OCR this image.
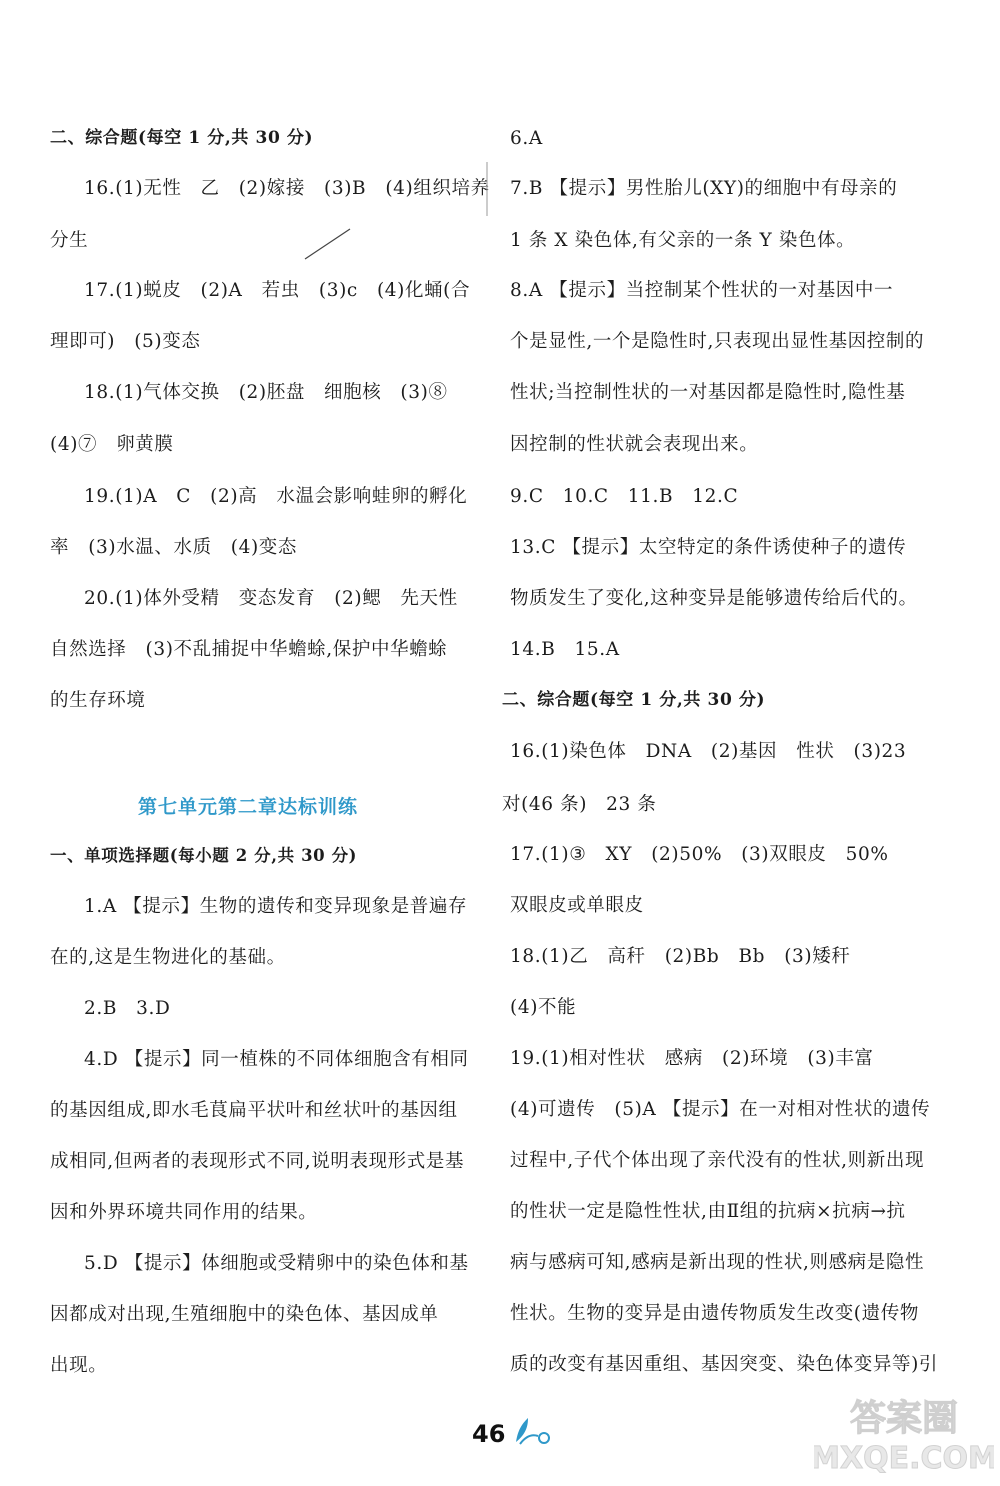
二、综合题(每空 1 分,共 30 分)
16.(1)无性　乙　(2)嫁接　(3)B　(4)组织培养
分生
17.(1)蜕皮　(2)A　若虫　(3)c　(4)化蛹(合
理即可)　(5)变态
18.(1)气体交换　(2)胚盘　细胞核　(3)⑧
(4)⑦　卵黄膜
19.(1)A　C　(2)高　水温会影响蛙卵的孵化
率　(3)水温、水质　(4)变态
20.(1)体外受精　变态发育　(2)鳃　先天性
自然选择　(3)不乱捕捉中华蟾蜍,保护中华蟾蜍
的生存环境
一、单项选择题(每小题 2 分,共 30 分)
1.A 【提示】生物的遗传和变异现象是普遍存
在的,这是生物进化的基础。
2.B　3.D
4.D 【提示】同一植株的不同体细胞含有相同
的基因组成,即水毛茛扁平状叶和丝状叶的基因组
成相同,但两者的表现形式不同,说明表现形式是基
因和外界环境共同作用的结果。
5.D 【提示】体细胞或受精卵中的染色体和基
因都成对出现,生殖细胞中的染色体、基因成单
出现。
第七单元第二章达标训练
6.A
7.B 【提示】男性胎儿(XY)的细胞中有母亲的
1 条 X 染色体,有父亲的一条 Y 染色体。
8.A 【提示】当控制某个性状的一对基因中一
个是显性,一个是隐性时,只表现出显性基因控制的
性状;当控制性状的一对基因都是隐性时,隐性基
因控制的性状就会表现出来。
9.C　10.C　11.B　12.C
13.C 【提示】太空特定的条件诱使种子的遗传
物质发生了变化,这种变异是能够遗传给后代的。
14.B　15.A
二、综合题(每空 1 分,共 30 分)
16.(1)染色体　DNA　(2)基因　性状　(3)23
对(46 条)　23 条
17.(1)③　XY　(2)50%　(3)双眼皮　50%
双眼皮或单眼皮
18.(1)乙　高秆　(2)Bb　Bb　(3)矮秆
(4)不能
19.(1)相对性状　感病　(2)环境　(3)丰富
(4)可遗传　(5)A 【提示】在一对相对性状的遗传
过程中,子代个体出现了亲代没有的性状,则新出现
的性状一定是隐性性状,由Ⅱ组的抗病×抗病→抗
病与感病可知,感病是新出现的性状,则感病是隐性
性状。生物的变异是由遗传物质发生改变(遗传物
质的改变有基因重组、基因突变、染色体变异等)引
46	答案圈
MXQE.COM
